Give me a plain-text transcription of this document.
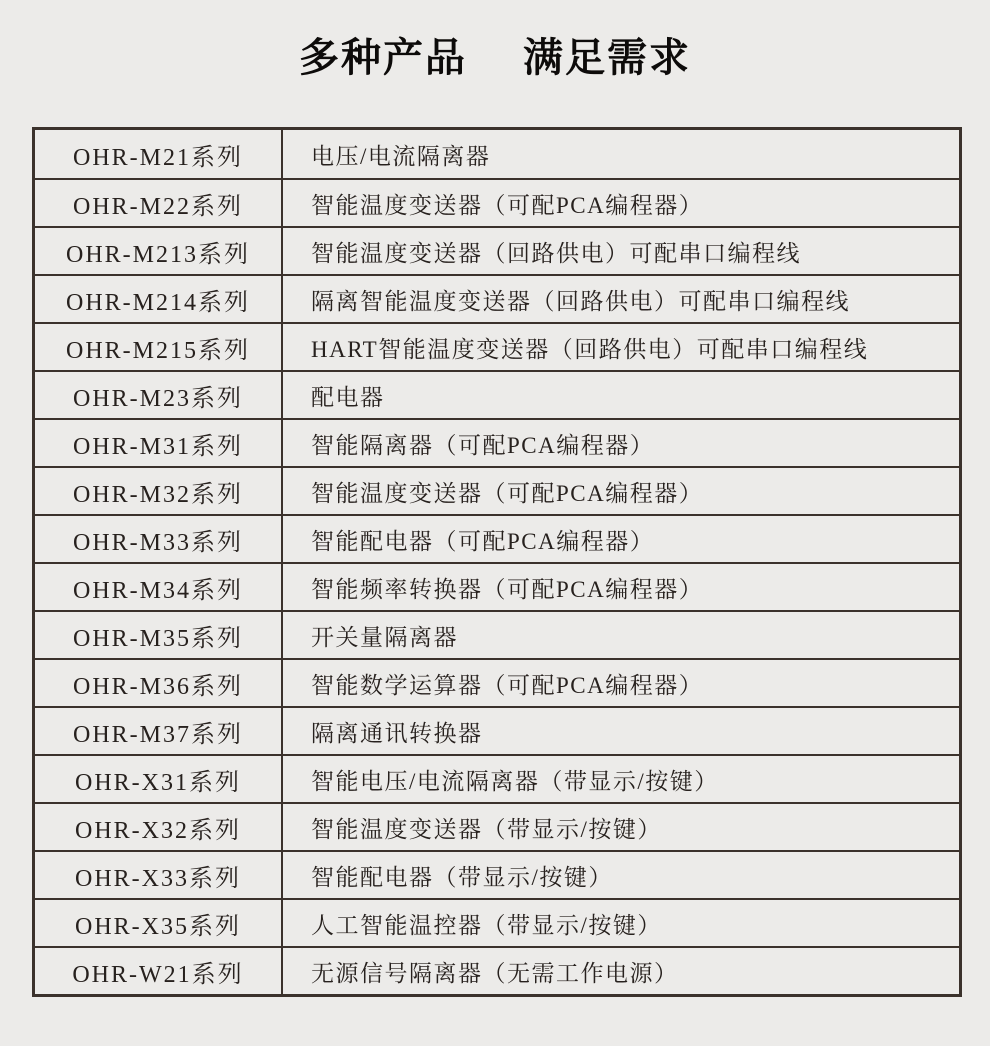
多种产品 满足需求
OHR-M21系列	电压/电流隔离器
OHR-M22系列	智能温度变送器（可配PCA编程器）
OHR-M213系列	智能温度变送器（回路供电）可配串口编程线
OHR-M214系列	隔离智能温度变送器（回路供电）可配串口编程线
OHR-M215系列	HART智能温度变送器（回路供电）可配串口编程线
OHR-M23系列	配电器
OHR-M31系列	智能隔离器（可配PCA编程器）
OHR-M32系列	智能温度变送器（可配PCA编程器）
OHR-M33系列	智能配电器（可配PCA编程器）
OHR-M34系列	智能频率转换器（可配PCA编程器）
OHR-M35系列	开关量隔离器
OHR-M36系列	智能数学运算器（可配PCA编程器）
OHR-M37系列	隔离通讯转换器
OHR-X31系列	智能电压/电流隔离器（带显示/按键）
OHR-X32系列	智能温度变送器（带显示/按键）
OHR-X33系列	智能配电器（带显示/按键）
OHR-X35系列	人工智能温控器（带显示/按键）
OHR-W21系列	无源信号隔离器（无需工作电源）
